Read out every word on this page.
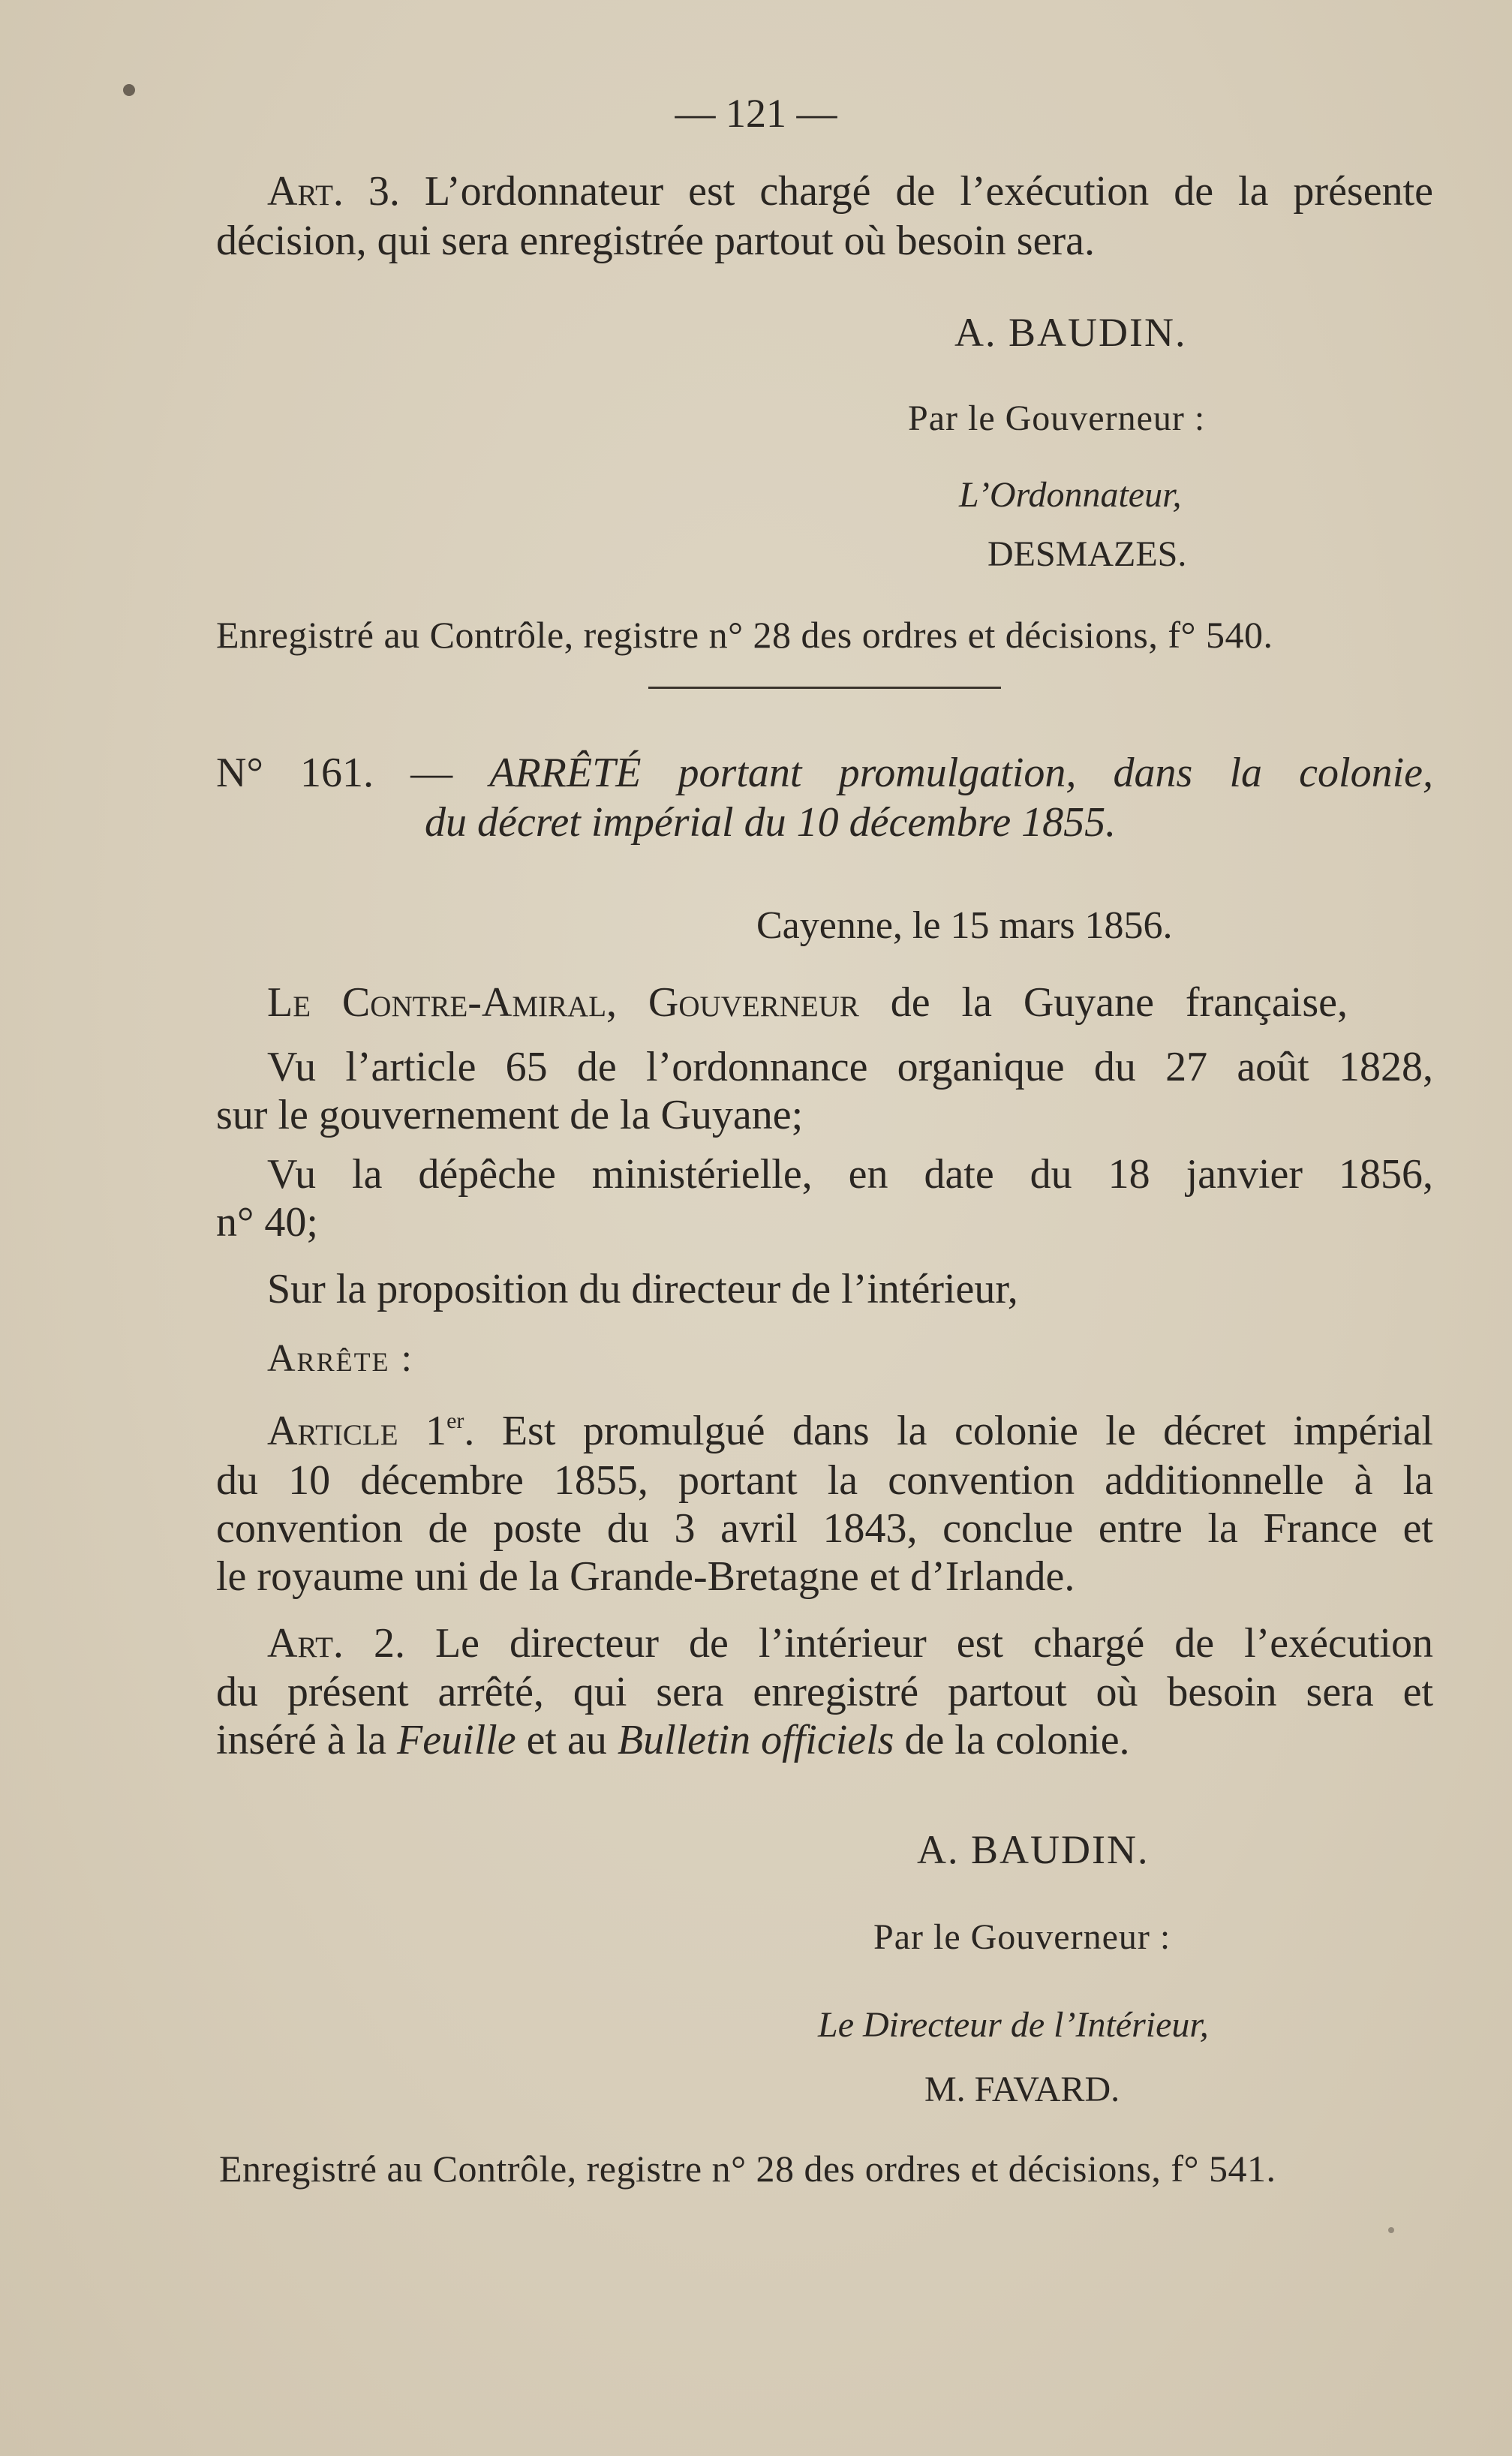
— 121 —
Art. 3. L’ordonnateur est chargé de l’exécution de la présente
décision, qui sera enregistrée partout où besoin sera.
A. BAUDIN.
Par le Gouverneur :
L’Ordonnateur,
DESMAZES.
Enregistré au Contrôle, registre n° 28 des ordres et décisions, f° 540.
N° 161. — ARRÊTÉ portant promulgation, dans la colonie,
du décret impérial du 10 décembre 1855.
Cayenne, le 15 mars 1856.
Le Contre-Amiral, Gouverneur de la Guyane française,
Vu l’article 65 de l’ordonnance organique du 27 août 1828,
sur le gouvernement de la Guyane;
Vu la dépêche ministérielle, en date du 18 janvier 1856,
n° 40;
Sur la proposition du directeur de l’intérieur,
Arrête :
Article 1er. Est promulgué dans la colonie le décret impérial
du 10 décembre 1855, portant la convention additionnelle à la
convention de poste du 3 avril 1843, conclue entre la France et
le royaume uni de la Grande-Bretagne et d’Irlande.
Art. 2. Le directeur de l’intérieur est chargé de l’exécution
du présent arrêté, qui sera enregistré partout où besoin sera et
inséré à la Feuille et au Bulletin officiels de la colonie.
A. BAUDIN.
Par le Gouverneur :
Le Directeur de l’Intérieur,
M. FAVARD.
Enregistré au Contrôle, registre n° 28 des ordres et décisions, f° 541.
